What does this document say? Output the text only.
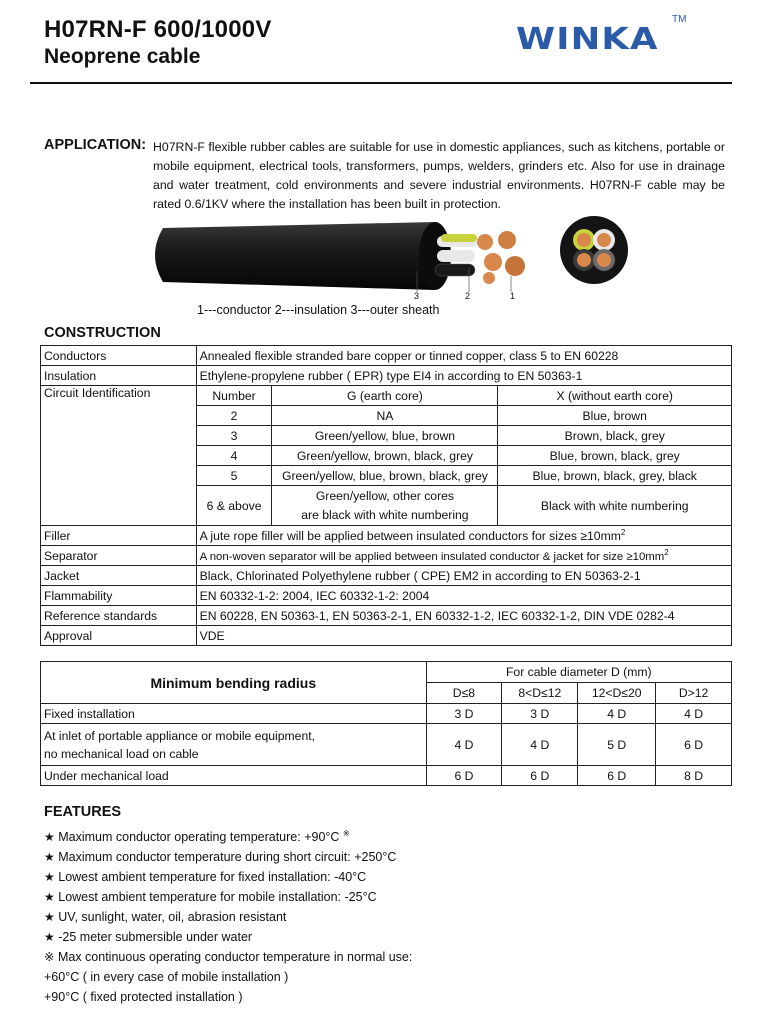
H07RN-F 600/1000V
Neoprene cable	WINKA
TM
APPLICATION: H07RN-F flexible rubber cables are suitable for use in domestic appliances, such as kitchens, portable or mobile equipment, electrical tools, transformers, pumps, welders, grinders etc. Also for use in drainage and water treatment, cold environments and severe industrial environments. H07RN-F cable may be rated 0.6/1KV where the installation has been built in protection.
3	2	1
1---conductor 2---insulation 3---outer sheath
CONSTRUCTION
Conductors	Annealed flexible stranded bare copper or tinned copper, class 5 to EN 60228		
Insulation	Ethylene-propylene rubber ( EPR) type EI4 in according to EN 50363-1		
Circuit Identification	Number	G (earth core)	X (without earth core)
	2	NA	Blue, brown
	3	Green/yellow, blue, brown	Brown, black, grey
	4	Green/yellow, brown, black, grey	Blue, brown, black, grey
	5	Green/yellow, blue, brown, black, grey	Blue, brown, black, grey, black
	6 & above	Green/yellow, other cores	Black with white numbering
		are black with white numbering	
Filler	A jute rope filler will be applied between insulated conductors for sizes $\ge 10mm^2$
Separator	A non-woven separator will be applied between insulated conductor & jacket for size $\ge 10mm^2$
Jacket	Black, Chlorinated Polyethylene rubber ( CPE) EM2 in according to EN 50363-2-1		
Flammability	EN 60332-1-2: 2004, IEC 60332-1-2: 2004		
Reference standards	EN 60228, EN 50363-1, EN 50363-2-1, EN 60332-1-2, IEC 60332-1-2, DIN VDE 0282-4		
Approval	VDE		
Minimum bending radius	For cable diameter D (mm)			
	D≤8	8<D≤12	12<D≤20	D>12
Fixed installation	3 D	3 D	4 D	4 D

At inlet of portable appliance or mobile equipment,
no mechanical load on cable	4 D	4 D	5 D	6 D
Under mechanical load	6 D	6 D	6 D	8 D
FEATURES
★ Maximum conductor operating temperature: +90°C ※
★ Maximum conductor temperature during short circuit: +250°C
★ Lowest ambient temperature for fixed installation: -40°C
★ Lowest ambient temperature for mobile installation: -25°C
★ UV, sunlight, water, oil, abrasion resistant
★ -25 meter submersible under water
※ Max continuous operating conductor temperature in normal use:
+60°C ( in every case of mobile installation )
+90°C ( fixed protected installation )
